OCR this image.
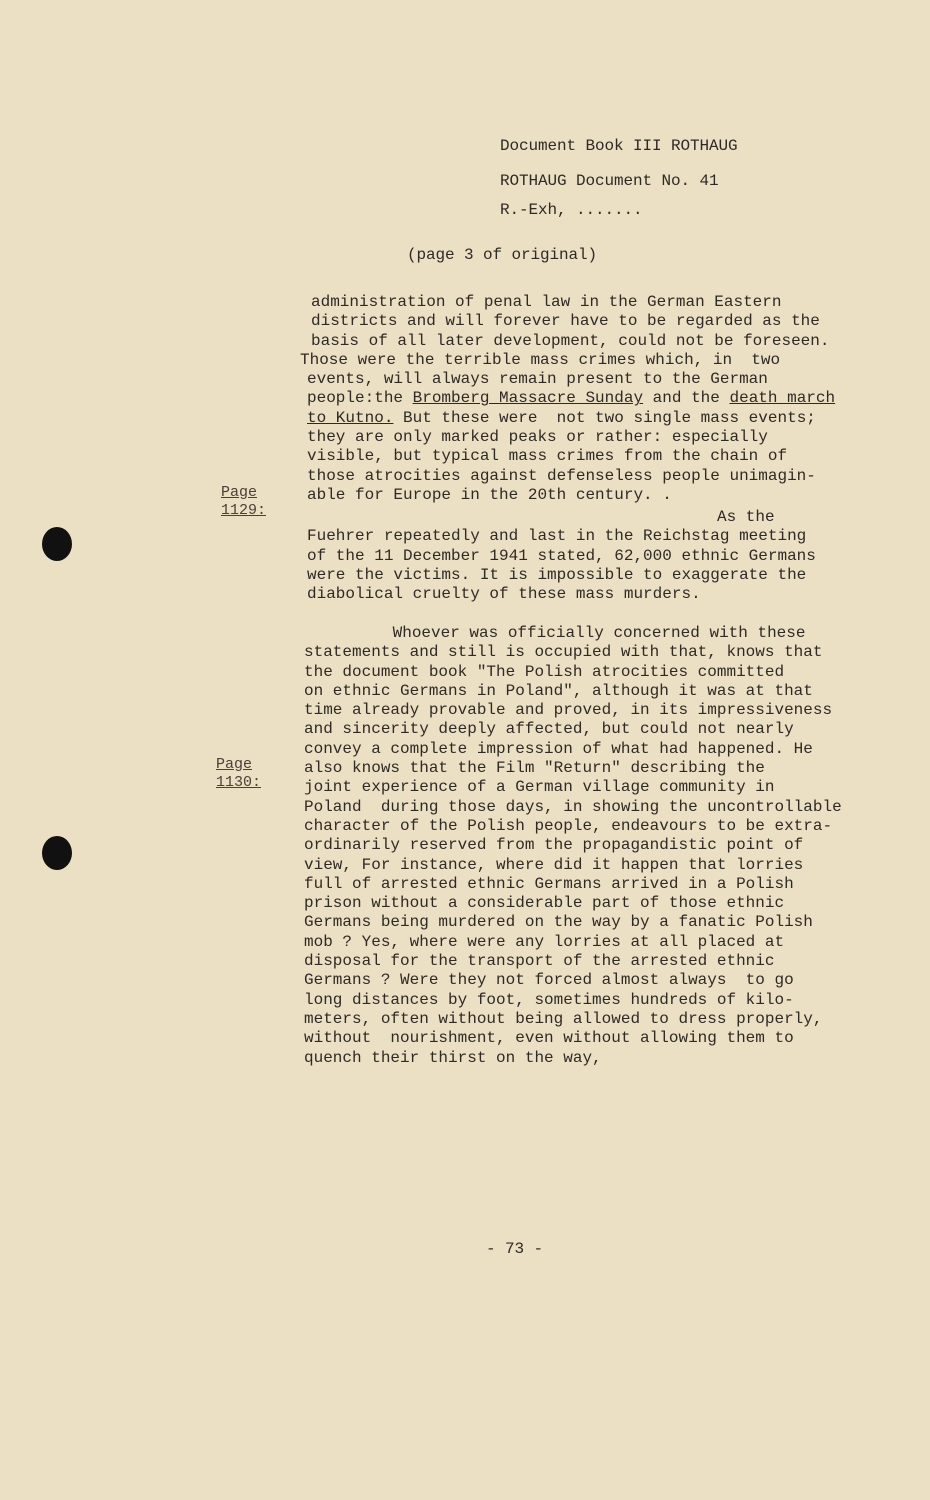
Document Book III ROTHAUG
ROTHAUG Document No. 41
R.-Exh, .......
(page 3 of original)
Page
1129:
Page
1130:
administration of penal law in the German Eastern
districts and will forever have to be regarded as the
basis of all later development, could not be foreseen.
Those were the terrible mass crimes which, in  two
events, will always remain present to the German
people:the Bromberg Massacre Sunday and the death march
to Kutno. But these were  not two single mass events;
they are only marked peaks or rather: especially
visible, but typical mass crimes from the chain of
those atrocities against defenseless people unimagin-
able for Europe in the 20th century. .
As the
Fuehrer repeatedly and last in the Reichstag meeting
of the 11 December 1941 stated, 62,000 ethnic Germans
were the victims. It is impossible to exaggerate the
diabolical cruelty of these mass murders.
Whoever was officially concerned with these
statements and still is occupied with that, knows that
the document book "The Polish atrocities committed
on ethnic Germans in Poland", although it was at that
time already provable and proved, in its impressiveness
and sincerity deeply affected, but could not nearly
convey a complete impression of what had happened. He
also knows that the Film "Return" describing the
joint experience of a German village community in
Poland  during those days, in showing the uncontrollable
character of the Polish people, endeavours to be extra-
ordinarily reserved from the propagandistic point of
view, For instance, where did it happen that lorries
full of arrested ethnic Germans arrived in a Polish
prison without a considerable part of those ethnic
Germans being murdered on the way by a fanatic Polish
mob ? Yes, where were any lorries at all placed at
disposal for the transport of the arrested ethnic
Germans ? Were they not forced almost always  to go
long distances by foot, sometimes hundreds of kilo-
meters, often without being allowed to dress properly,
without  nourishment, even without allowing them to
quench their thirst on the way,
- 73 -
